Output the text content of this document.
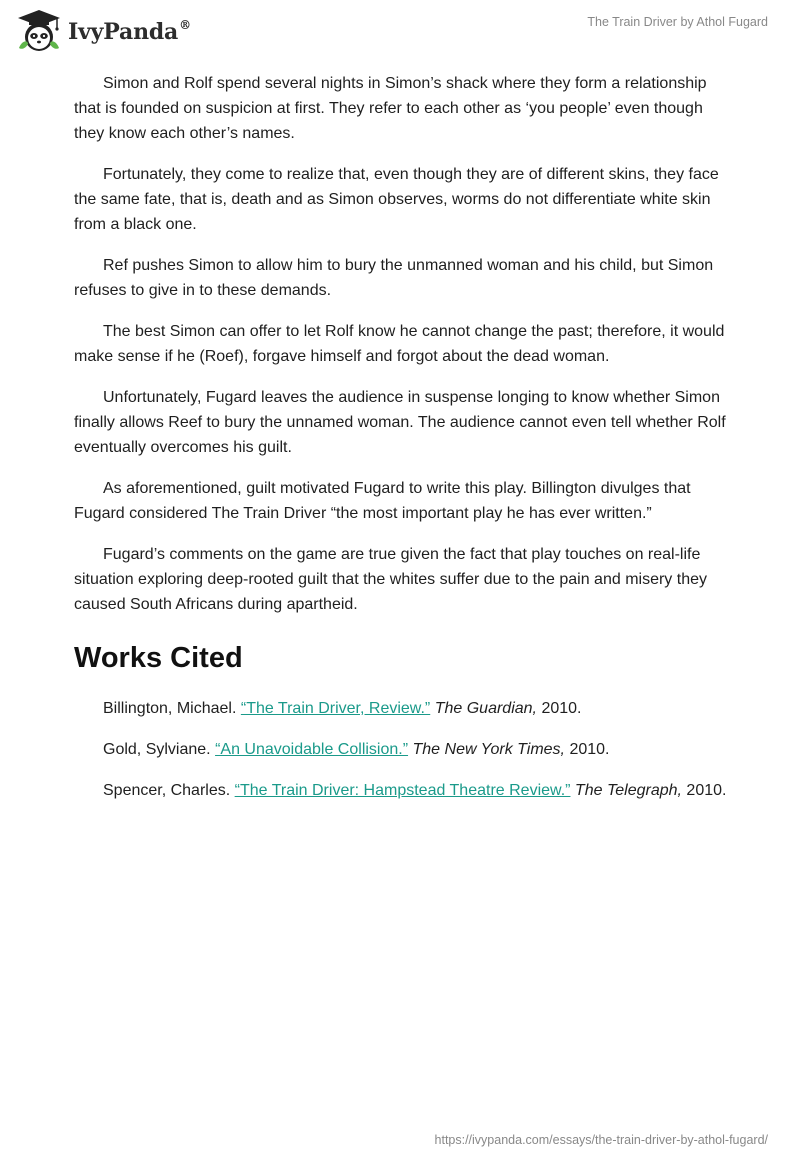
IvyPanda®	The Train Driver by Athol Fugard

Simon and Rolf spend several nights in Simon’s shack where they form a relationship that is founded on suspicion at first. They refer to each other as ‘you people’ even though they know each other’s names.

Fortunately, they come to realize that, even though they are of different skins, they face the same fate, that is, death and as Simon observes, worms do not differentiate white skin from a black one.

Ref pushes Simon to allow him to bury the unmanned woman and his child, but Simon refuses to give in to these demands.

The best Simon can offer to let Rolf know he cannot change the past; therefore, it would make sense if he (Roef), forgave himself and forgot about the dead woman.

Unfortunately, Fugard leaves the audience in suspense longing to know whether Simon finally allows Reef to bury the unnamed woman. The audience cannot even tell whether Rolf eventually overcomes his guilt.

As aforementioned, guilt motivated Fugard to write this play. Billington divulges that Fugard considered The Train Driver “the most important play he has ever written.”

Fugard’s comments on the game are true given the fact that play touches on real-life situation exploring deep-rooted guilt that the whites suffer due to the pain and misery they caused South Africans during apartheid.

Works Cited

Billington, Michael. “The Train Driver, Review.” The Guardian, 2010.

Gold, Sylviane. “An Unavoidable Collision.” The New York Times, 2010.

Spencer, Charles. “The Train Driver: Hampstead Theatre Review.” The Telegraph, 2010.

https://ivypanda.com/essays/the-train-driver-by-athol-fugard/
